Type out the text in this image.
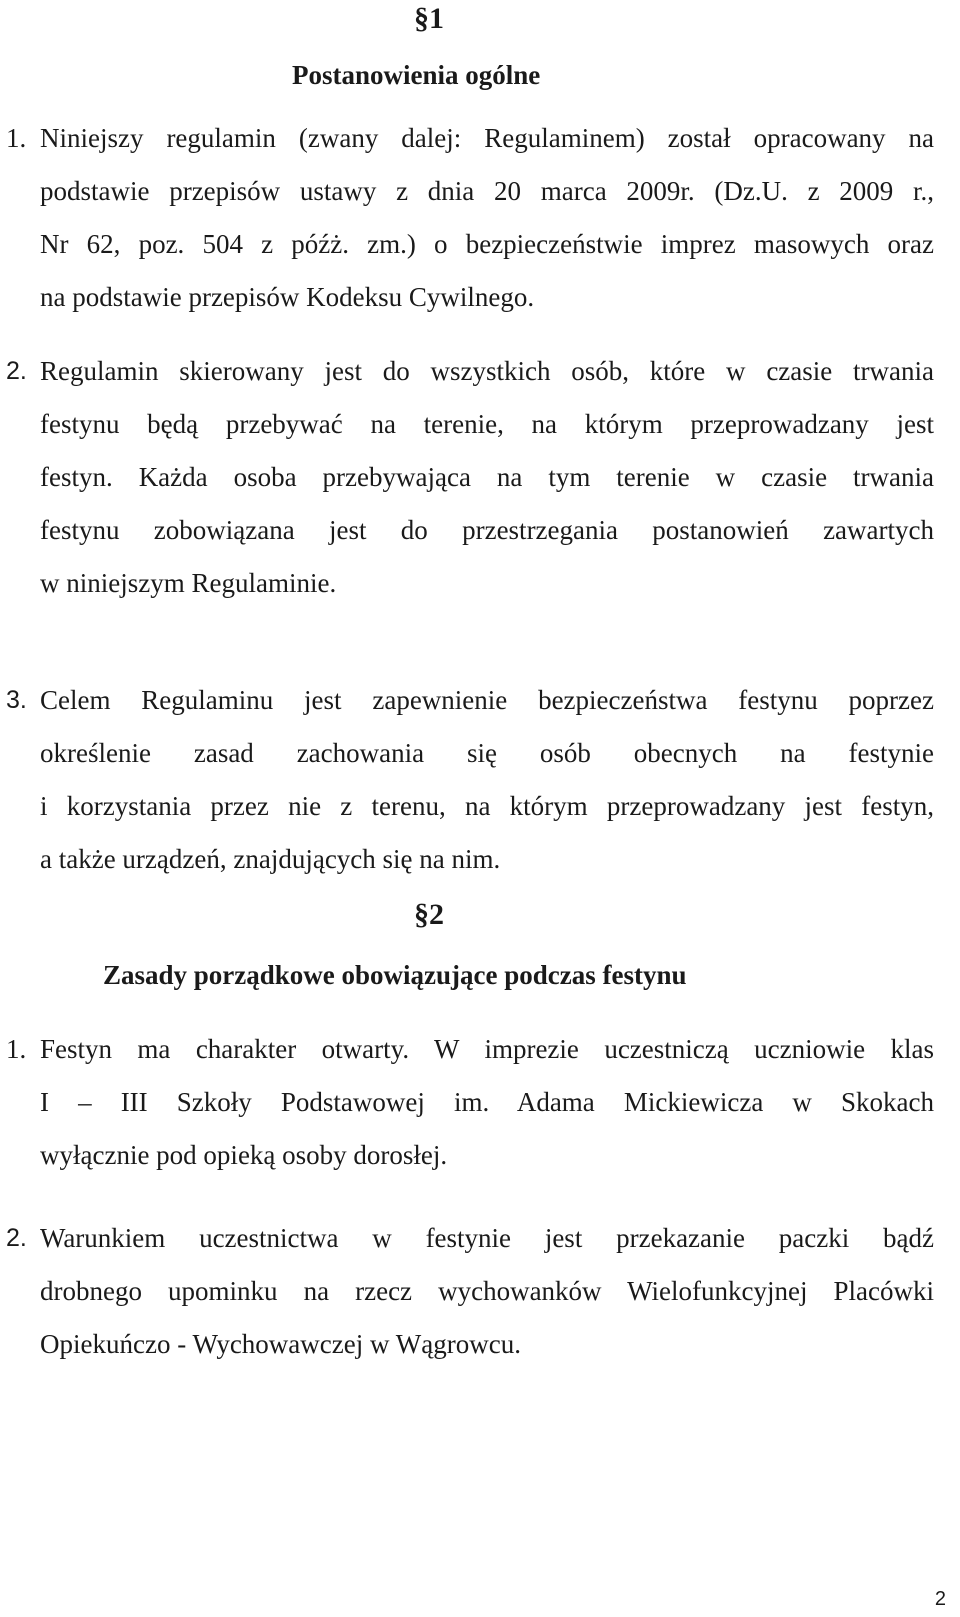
§1
Postanowienia ogólne
1. Niniejszy regulamin (zwany dalej: Regulaminem) został opracowany na
podstawie przepisów ustawy z dnia 20 marca 2009r. (Dz.U. z 2009 r.,
Nr 62, poz. 504 z późż. zm.) o bezpieczeństwie imprez masowych oraz
na podstawie przepisów Kodeksu Cywilnego.
2. Regulamin skierowany jest do wszystkich osób, które w czasie trwania
festynu będą przebywać na terenie, na którym przeprowadzany jest
festyn. Każda osoba przebywająca na tym terenie w czasie trwania
festynu zobowiązana jest do przestrzegania postanowień zawartych
w niniejszym Regulaminie.
3. Celem Regulaminu jest zapewnienie bezpieczeństwa festynu poprzez
określenie zasad zachowania się osób obecnych na festynie
i korzystania przez nie z terenu, na którym przeprowadzany jest festyn,
a także urządzeń, znajdujących się na nim.
§2
Zasady porządkowe obowiązujące podczas festynu
1. Festyn ma charakter otwarty. W imprezie uczestniczą uczniowie klas
I – III Szkoły Podstawowej im. Adama Mickiewicza w Skokach
wyłącznie pod opieką osoby dorosłej.
2. Warunkiem uczestnictwa w festynie jest przekazanie paczki bądź
drobnego upominku na rzecz wychowanków Wielofunkcyjnej Placówki
Opiekuńczo - Wychowawczej w Wągrowcu.
2
